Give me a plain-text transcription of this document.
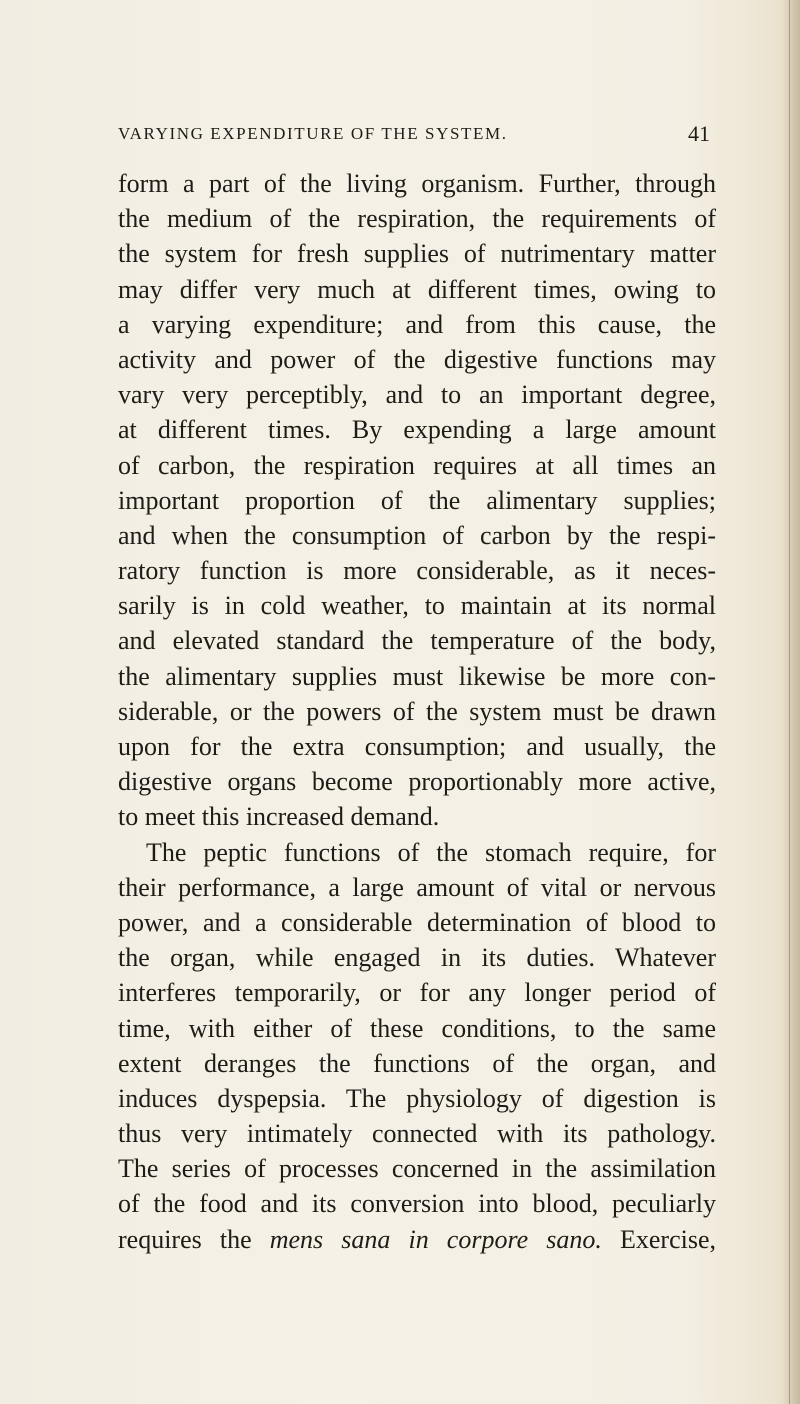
VARYING EXPENDITURE OF THE SYSTEM.	41
form a part of the living organism. Further, through
the medium of the respiration, the requirements of
the system for fresh supplies of nutrimentary matter
may differ very much at different times, owing to
a varying expenditure; and from this cause, the
activity and power of the digestive functions may
vary very perceptibly, and to an important degree,
at different times. By expending a large amount
of carbon, the respiration requires at all times an
important proportion of the alimentary supplies;
and when the consumption of carbon by the respi-
ratory function is more considerable, as it neces-
sarily is in cold weather, to maintain at its normal
and elevated standard the temperature of the body,
the alimentary supplies must likewise be more con-
siderable, or the powers of the system must be drawn
upon for the extra consumption; and usually, the
digestive organs become proportionably more active,
to meet this increased demand.
The peptic functions of the stomach require, for
their performance, a large amount of vital or nervous
power, and a considerable determination of blood to
the organ, while engaged in its duties. Whatever
interferes temporarily, or for any longer period of
time, with either of these conditions, to the same
extent deranges the functions of the organ, and
induces dyspepsia. The physiology of digestion is
thus very intimately connected with its pathology.
The series of processes concerned in the assimilation
of the food and its conversion into blood, peculiarly
requires the mens sana in corpore sano. Exercise,
